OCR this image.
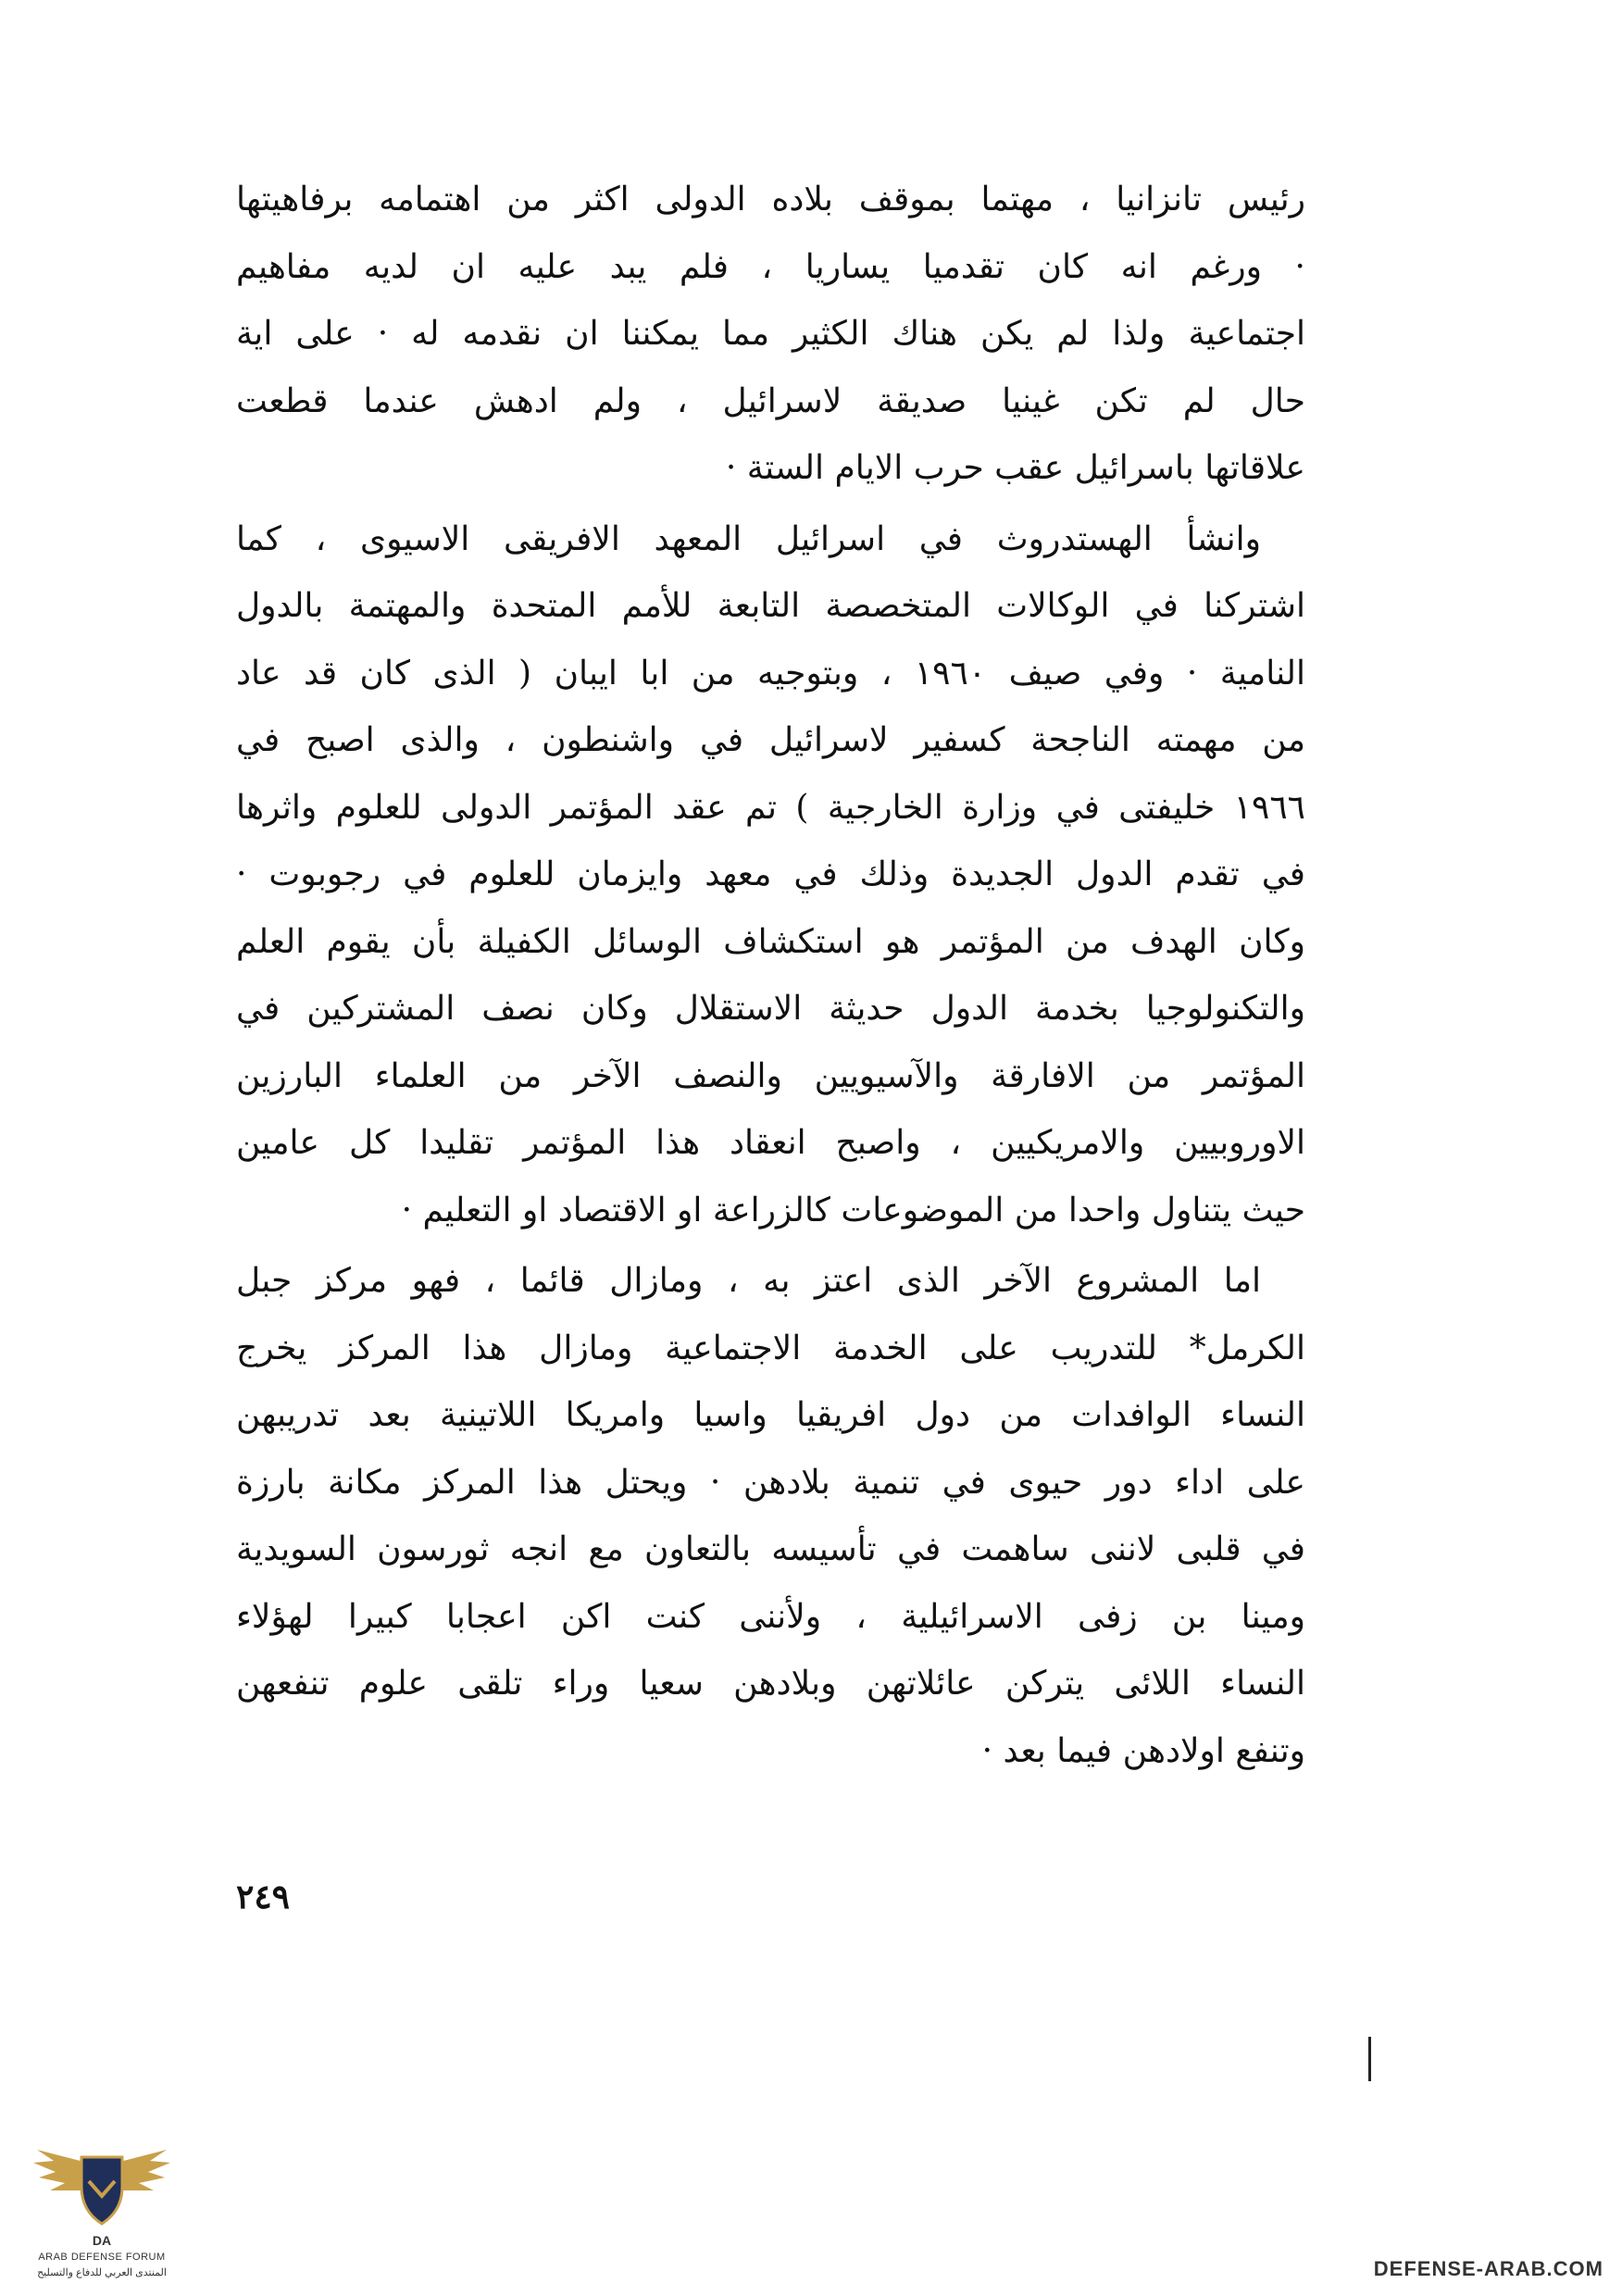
رئيس تانزانيا ، مهتما بموقف بلاده الدولى اكثر من اهتمامه برفاهيتها
· ورغم انه كان تقدميا يساريا ، فلم يبد عليه ان لديه مفاهيم
اجتماعية ولذا لم يكن هناك الكثير مما يمكننا ان نقدمه له · على اية
حال لم تكن غينيا صديقة لاسرائيل ، ولم ادهش عندما قطعت
علاقاتها باسرائيل عقب حرب الايام الستة ·
وانشأ الهستدروث في اسرائيل المعهد الافريقى الاسيوى ، كما
اشتركنا في الوكالات المتخصصة التابعة للأمم المتحدة والمهتمة بالدول
النامية · وفي صيف ١٩٦٠ ، وبتوجيه من ابا ايبان ( الذى كان قد عاد
من مهمته الناجحة كسفير لاسرائيل في واشنطون ، والذى اصبح في
١٩٦٦ خليفتى في وزارة الخارجية ) تم عقد المؤتمر الدولى للعلوم واثرها
في تقدم الدول الجديدة وذلك في معهد وايزمان للعلوم في رجوبوت ·
وكان الهدف من المؤتمر هو استكشاف الوسائل الكفيلة بأن يقوم العلم
والتكنولوجيا بخدمة الدول حديثة الاستقلال وكان نصف المشتركين في
المؤتمر من الافارقة والآسيويين والنصف الآخر من العلماء البارزين
الاوروبيين والامريكيين ، واصبح انعقاد هذا المؤتمر تقليدا كل عامين
حيث يتناول واحدا من الموضوعات كالزراعة او الاقتصاد او التعليم ·
اما المشروع الآخر الذى اعتز به ، ومازال قائما ، فهو مركز جبل
الكرمل* للتدريب على الخدمة الاجتماعية ومازال هذا المركز يخرج
النساء الوافدات من دول افريقيا واسيا وامريكا اللاتينية بعد تدريبهن
على اداء دور حيوى في تنمية بلادهن · ويحتل هذا المركز مكانة بارزة
في قلبى لاننى ساهمت في تأسيسه بالتعاون مع انجه ثورسون السويدية
ومينا بن زفى الاسرائيلية ، ولأننى كنت اكن اعجابا كبيرا لهؤلاء
النساء اللائى يتركن عائلاتهن وبلادهن سعيا وراء تلقى علوم تنفعهن
وتنفع اولادهن فيما بعد ·
٢٤٩
DA
ARAB DEFENSE FORUM
المنتدى العربي للدفاع والتسليح	DEFENSE-ARAB.COM
